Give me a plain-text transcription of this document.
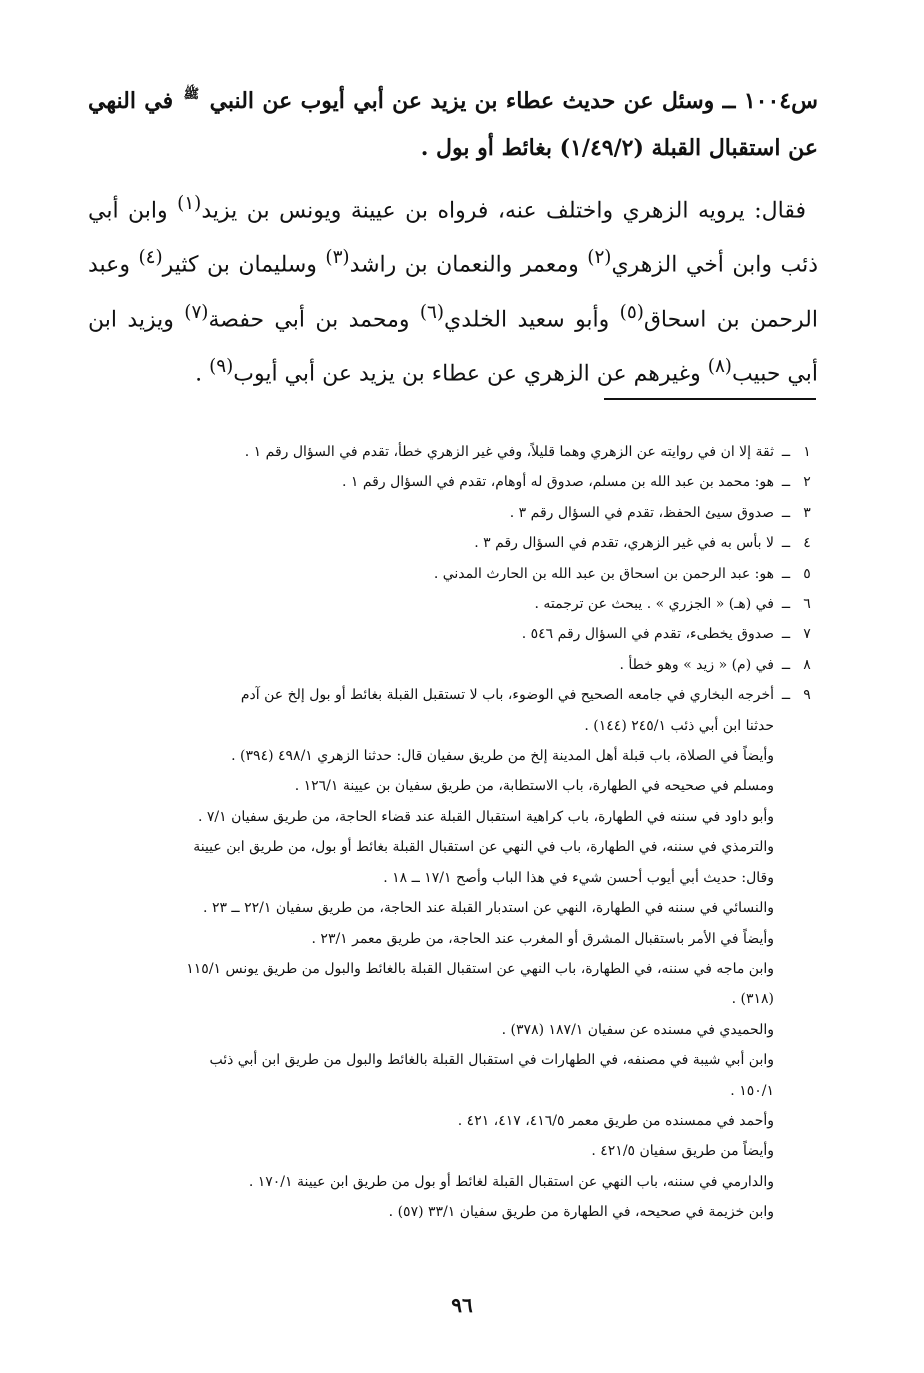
س١٠٠٤ ــ وسئل عن حديث عطاء بن يزيد عن أبي أيوب عن النبي ﷺ في النهي عن استقبال القبلة (١/٤٩/٢) بغائط أو بول .

فقال: يرويه الزهري واختلف عنه، فرواه بن عيينة ويونس بن يزيد$^{(١)}$ وابن أبي ذئب وابن أخي الزهري$^{(٢)}$ ومعمر والنعمان بن راشد$^{(٣)}$ وسليمان بن كثير$^{(٤)}$ وعبد الرحمن بن اسحاق$^{(٥)}$ وأبو سعيد الخلدي$^{(٦)}$ ومحمد بن أبي حفصة$^{(٧)}$ ويزيد ابن أبي حبيب$^{(٨)}$ وغيرهم عن الزهري عن عطاء بن يزيد عن أبي أيوب$^{(٩)}$ .

١
ــ
ثقة إلا ان في روايته عن الزهري وهما قليلاً، وفي غير الزهري خطأ، تقدم في السؤال رقم ١ .
٢
ــ
هو: محمد بن عبد الله بن مسلم، صدوق له أوهام، تقدم في السؤال رقم ١ .
٣
ــ
صدوق سيئ الحفظ، تقدم في السؤال رقم ٣ .
٤
ــ
لا بأس به في غير الزهري، تقدم في السؤال رقم ٣ .
٥
ــ
هو: عبد الرحمن بن اسحاق بن عبد الله بن الحارث المدني .
٦
ــ
في (هـ) « الجزري » . يبحث عن ترجمته .
٧
ــ
صدوق يخطىء، تقدم في السؤال رقم ٥٤٦ .
٨
ــ
في (م) « زيد » وهو خطأ .
٩
ــ
أخرجه البخاري في جامعه الصحيح في الوضوء، باب لا تستقبل القبلة بغائط أو بول إلخ عن آدم
حدثنا ابن أبي ذئب ٢٤٥/١ (١٤٤) .
وأيضاً في الصلاة، باب قبلة أهل المدينة إلخ من طريق سفيان قال: حدثنا الزهري ٤٩٨/١ (٣٩٤) .
ومسلم في صحيحه في الطهارة، باب الاستطابة، من طريق سفيان بن عيينة ١٢٦/١ .
وأبو داود في سننه في الطهارة، باب كراهية استقبال القبلة عند قضاء الحاجة، من طريق سفيان ٧/١ .
والترمذي في سننه، في الطهارة، باب في النهي عن استقبال القبلة بغائط أو بول، من طريق ابن عيينة
وقال: حديث أبي أيوب أحسن شيء في هذا الباب وأصح ١٧/١ ــ ١٨ .
والنسائي في سننه في الطهارة، النهي عن استدبار القبلة عند الحاجة، من طريق سفيان ٢٢/١ ــ ٢٣ .
وأيضاً في الأمر باستقبال المشرق أو المغرب عند الحاجة، من طريق معمر ٢٣/١ .
وابن ماجه في سننه، في الطهارة، باب النهي عن استقبال القبلة بالغائط والبول من طريق يونس ١١٥/١
(٣١٨) .
والحميدي في مسنده عن سفيان ١٨٧/١ (٣٧٨) .
وابن أبي شيبة في مصنفه، في الطهارات في استقبال القبلة بالغائط والبول من طريق ابن أبي ذئب
١٥٠/١ .
وأحمد في ممسنده من طريق معمر ٤١٦/٥، ٤١٧، ٤٢١ .
وأيضاً من طريق سفيان ٤٢١/٥ .
والدارمي في سننه، باب النهي عن استقبال القبلة لغائط أو بول من طريق ابن عيينة ١٧٠/١ .
وابن خزيمة في صحيحه، في الطهارة من طريق سفيان ٣٣/١ (٥٧) .
٩٦
